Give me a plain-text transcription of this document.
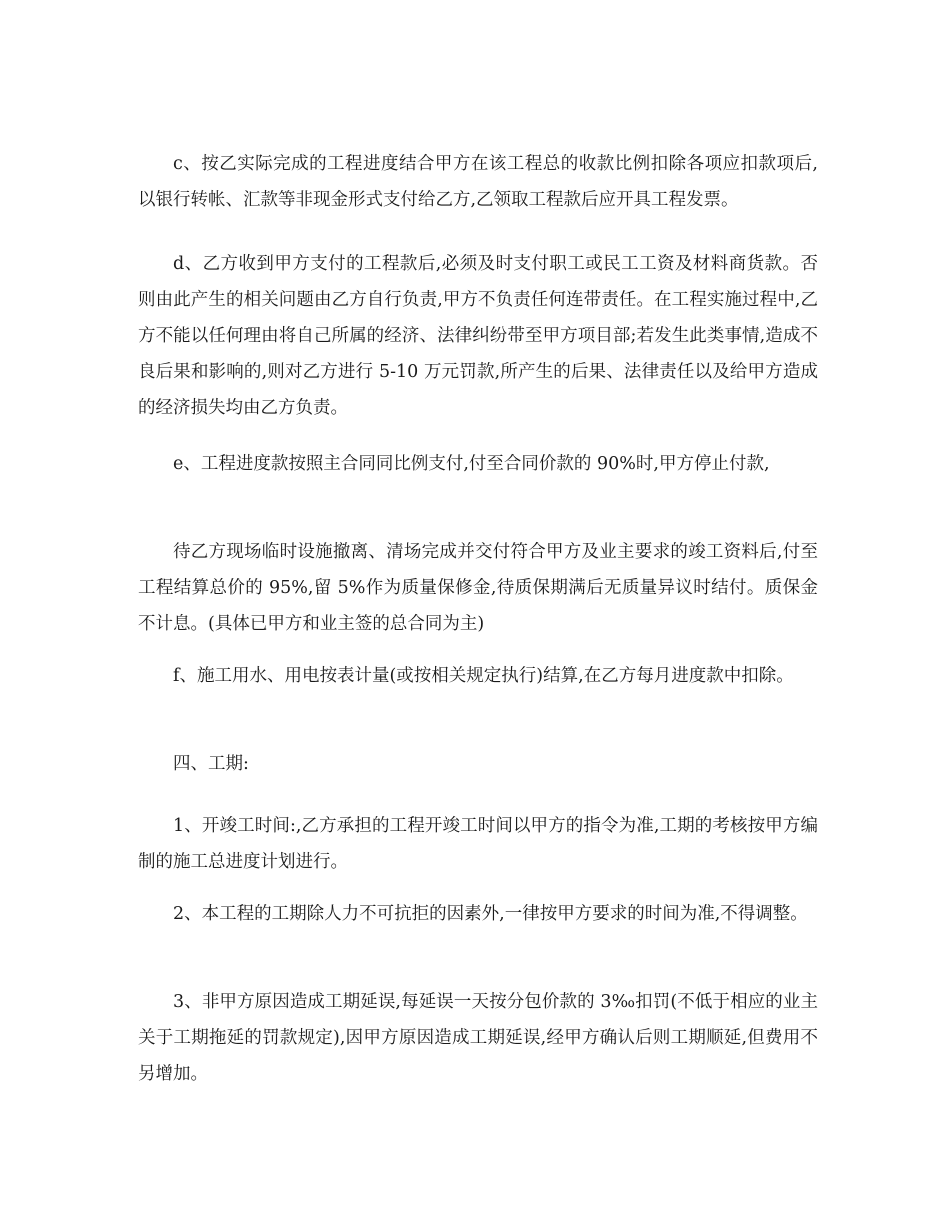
c、按乙实际完成的工程进度结合甲方在该工程总的收款比例扣除各项应扣款项后,以银行转帐、汇款等非现金形式支付给乙方,乙领取工程款后应开具工程发票。

d、乙方收到甲方支付的工程款后,必须及时支付职工或民工工资及材料商货款。否则由此产生的相关问题由乙方自行负责,甲方不负责任何连带责任。在工程实施过程中,乙方不能以任何理由将自己所属的经济、法律纠纷带至甲方项目部;若发生此类事情,造成不良后果和影响的,则对乙方进行 5-10 万元罚款,所产生的后果、法律责任以及给甲方造成的经济损失均由乙方负责。

e、工程进度款按照主合同同比例支付,付至合同价款的 90%时,甲方停止付款,

待乙方现场临时设施撤离、清场完成并交付符合甲方及业主要求的竣工资料后,付至工程结算总价的 95%,留 5%作为质量保修金,待质保期满后无质量异议时结付。质保金不计息。(具体已甲方和业主签的总合同为主)

f、施工用水、用电按表计量(或按相关规定执行)结算,在乙方每月进度款中扣除。

四、工期:

1、开竣工时间:,乙方承担的工程开竣工时间以甲方的指令为准,工期的考核按甲方编制的施工总进度计划进行。

2、本工程的工期除人力不可抗拒的因素外,一律按甲方要求的时间为准,不得调整。

3、非甲方原因造成工期延误,每延误一天按分包价款的 3‰扣罚(不低于相应的业主关于工期拖延的罚款规定),因甲方原因造成工期延误,经甲方确认后则工期顺延,但费用不另增加。
